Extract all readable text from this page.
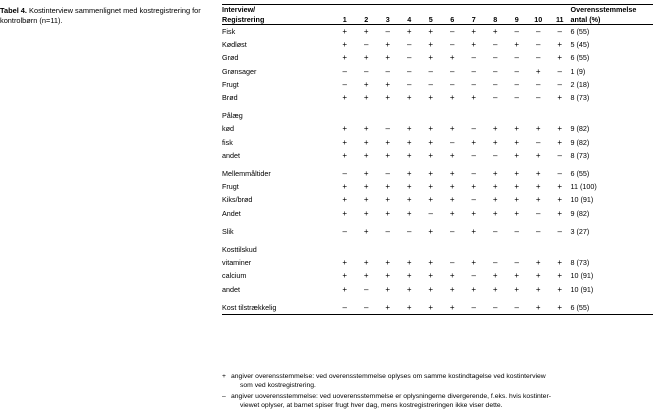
Tabel 4. Kostinterview sammenlignet med kostregistrering for kontrolbørn (n=11).
Interview/
Registrering	1	2	3	4	5	6	7	8	9	10	11	
Overensstemmelse
antal (%)

Fisk	+	+	–	+	+	–	+	+	–	–	–	6 (55)
Kødløst	+	–	+	–	+	–	+	–	+	–	+	5 (45)
Grød	+	+	+	–	+	+	–	–	–	–	+	6 (55)
Grønsager	–	–	–	–	–	–	–	–	–	+	–	1 (9)
Frugt	–	+	+	–	–	–	–	–	–	–	–	2 (18)
Brød	+	+	+	+	+	+	+	–	–	–	+	8 (73)

Pålæg												
kød	+	+	–	+	+	+	–	+	+	+	+	9 (82)
fisk	+	+	+	+	+	–	+	+	+	–	+	9 (82)
andet	+	+	+	+	+	+	–	–	+	+	–	8 (73)

Mellemmåltider	–	+	–	+	+	+	–	+	+	+	–	6 (55)
Frugt	+	+	+	+	+	+	+	+	+	+	+	11 (100)
Kiks/brød	+	+	+	+	+	+	–	+	+	+	+	10 (91)
Andet	+	+	+	+	–	+	+	+	+	–	+	9 (82)

Slik	–	+	–	–	+	–	+	–	–	–	–	3 (27)

Kosttilskud												
vitaminer	+	+	+	+	+	–	+	–	–	+	+	8 (73)
calcium	+	+	+	+	+	+	–	+	+	+	+	10 (91)
andet	+	–	+	+	+	+	+	+	+	+	+	10 (91)

Kost tilstrækkelig	–	–	+	+	+	+	–	–	–	+	+	6 (55)
+ angiver overensstemmelse: ved overensstemmelse oplyses om samme kostindtagelse ved kostinterview
som ved kostregistrering.
– angiver uoverensstemmelse: ved uoverensstemmelse er oplysningerne divergerende, f.eks. hvis kostinter-
viewet oplyser, at barnet spiser frugt hver dag, mens kostregistreringen ikke viser dette.
